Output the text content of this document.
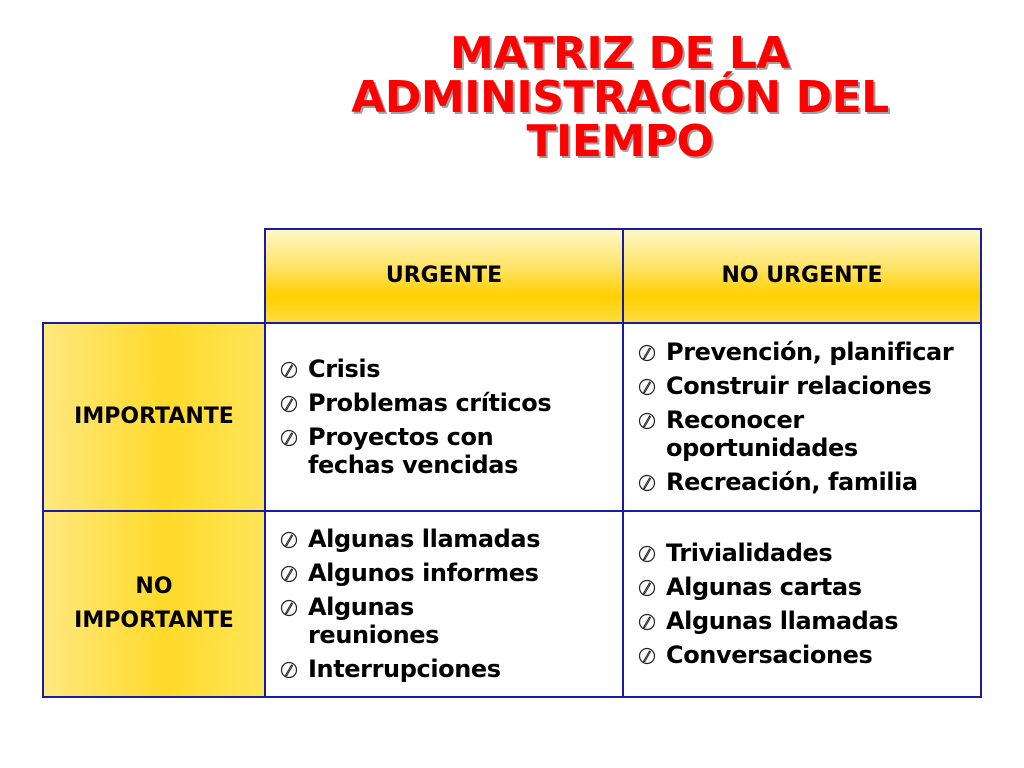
MATRIZ DE LA
ADMINISTRACIÓN DEL
TIEMPO
URGENTE	NO URGENTE
IMPORTANTE
NO
IMPORTANTE
Crisis
Problemas críticos
Proyectos con
fechas vencidas
Prevención, planificar
Construir relaciones
Reconocer
oportunidades
Recreación, familia
Algunas llamadas
Algunos informes
Algunas
reuniones
Interrupciones
Trivialidades
Algunas cartas
Algunas llamadas
Conversaciones
